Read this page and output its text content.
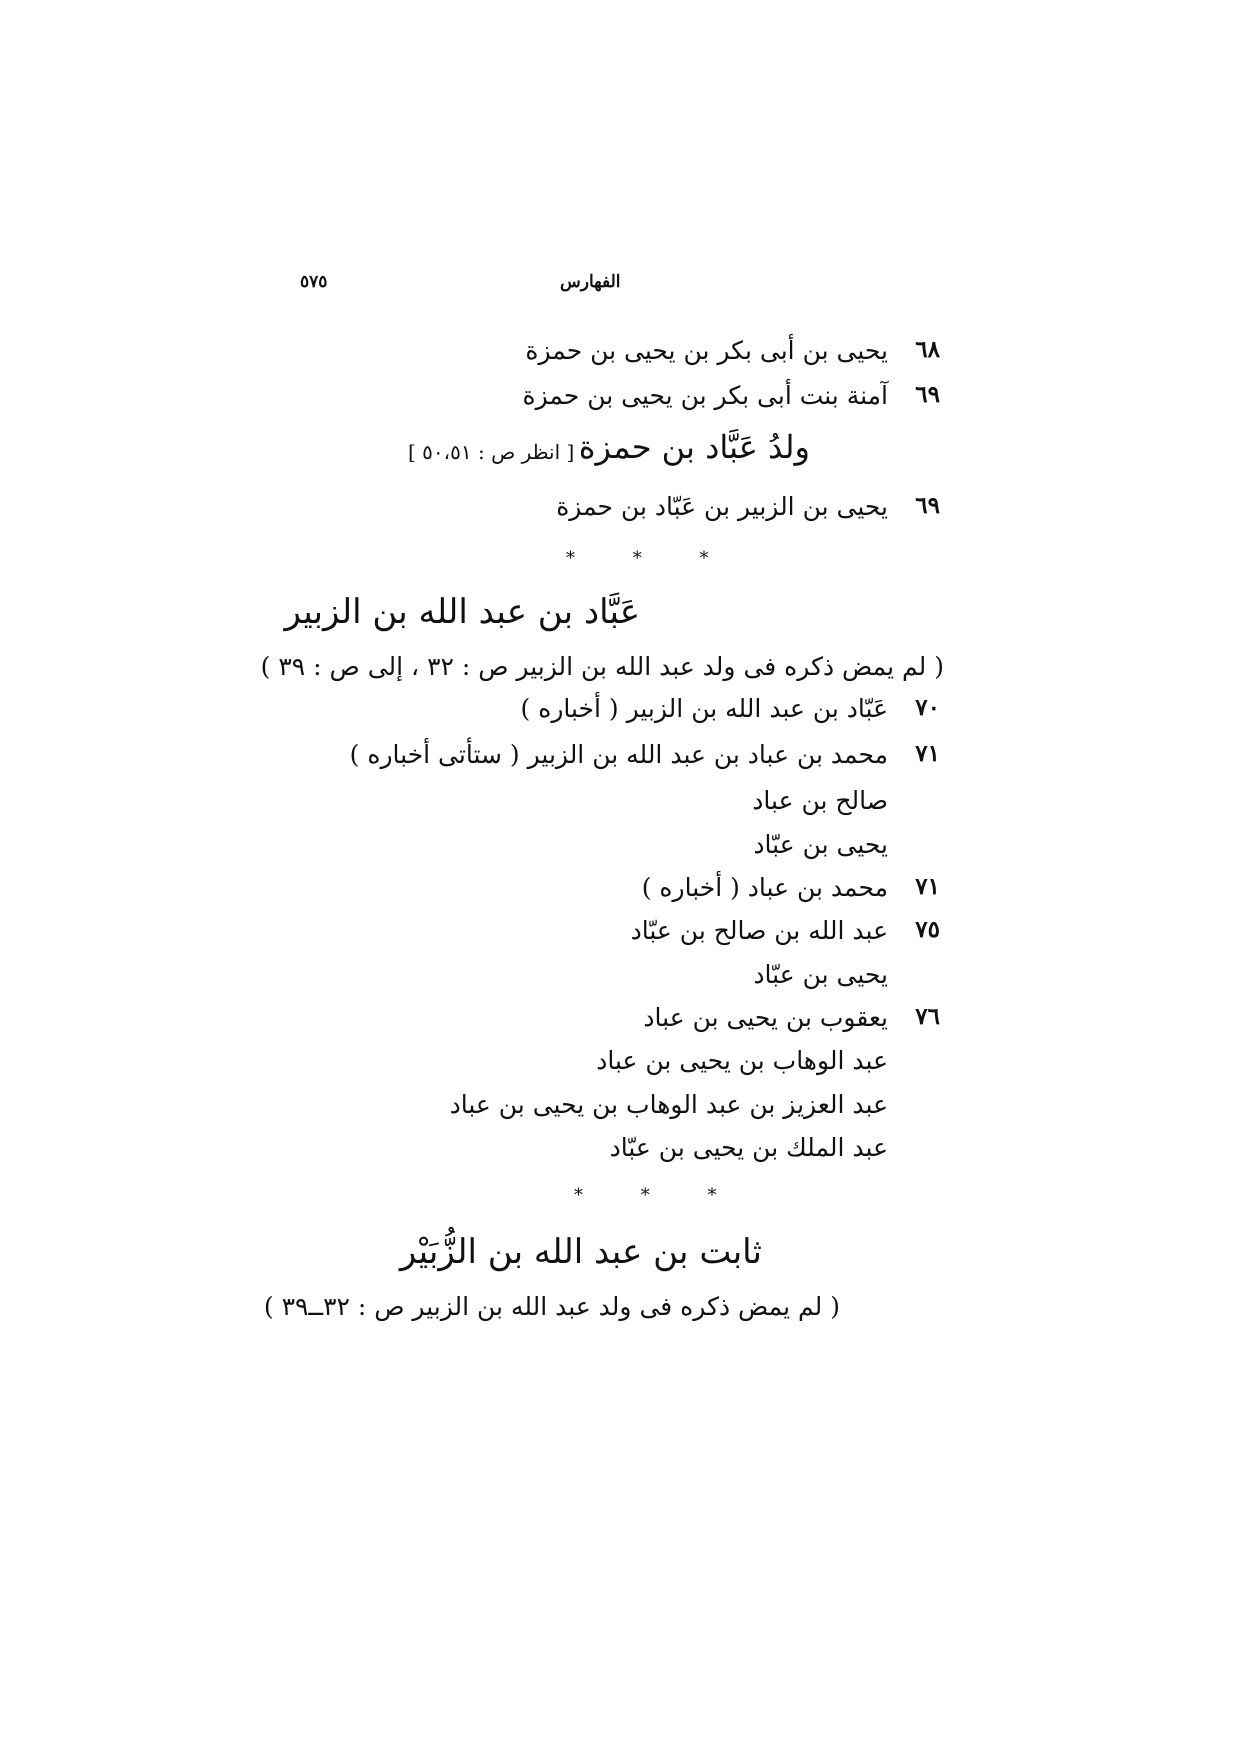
٥٧٥	الفهارس
٦٨
يحيى بن أبى بكر بن يحيى بن حمزة
٦٩
آمنة بنت أبى بكر بن يحيى بن حمزة
ولدُ عَبَّاد بن حمزة
[ انظر ص : ٥٠،٥١ ]
٦٩
يحيى بن الزبير بن عَبّاد بن حمزة
* * *
عَبَّاد بن عبد الله بن الزبير
( لم يمض ذكره فى ولد عبد الله بن الزبير ص : ٣٢ ، إلى ص : ٣٩ )
٧٠
عَبّاد بن عبد الله بن الزبير ( أخباره )
٧١
محمد بن عباد بن عبد الله بن الزبير ( ستأتى أخباره )
صالح بن عباد
يحيى بن عبّاد
٧١
محمد بن عباد ( أخباره )
٧٥
عبد الله بن صالح بن عبّاد
يحيى بن عبّاد
٧٦
يعقوب بن يحيى بن عباد
عبد الوهاب بن يحيى بن عباد
عبد العزيز بن عبد الوهاب بن يحيى بن عباد
عبد الملك بن يحيى بن عبّاد
* * *
ثابت بن عبد الله بن الزُّبَيْر
( لم يمض ذكره فى ولد عبد الله بن الزبير ص : ٣٢ــ٣٩ )
